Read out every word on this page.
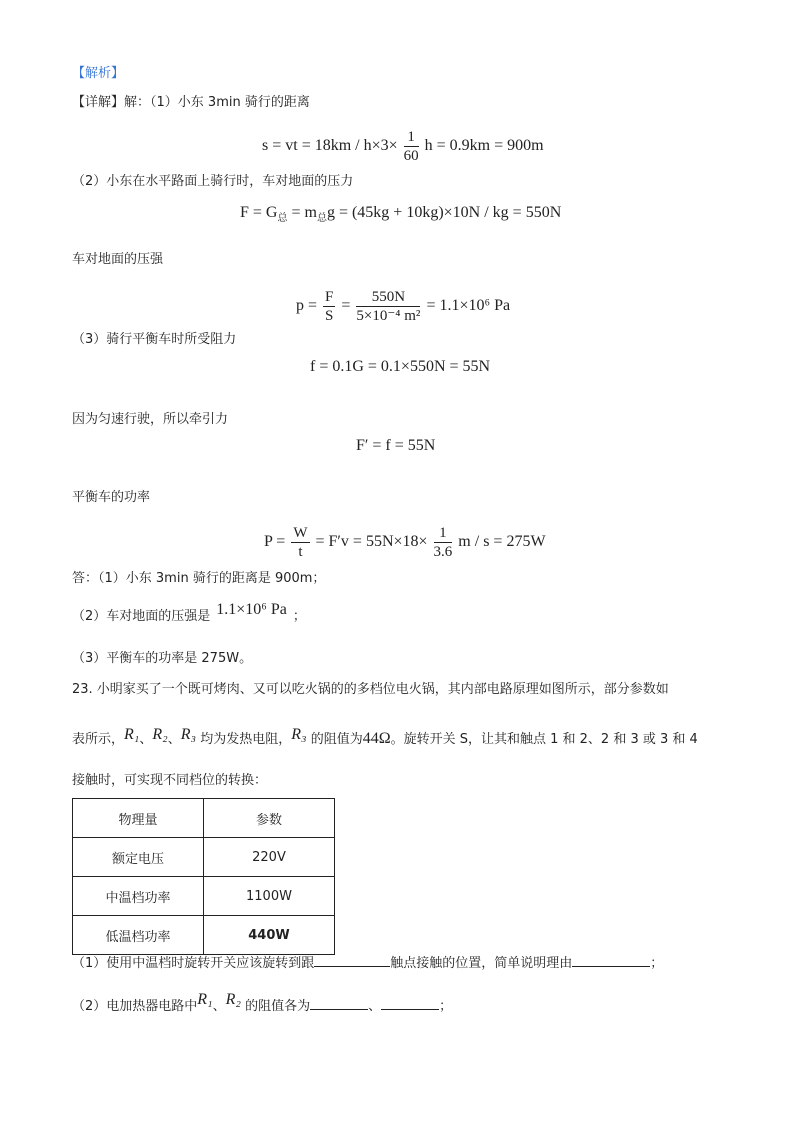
【解析】
【详解】解：（1）小东 3min 骑行的距离
s = vt = $18km / h\times 3\times \frac{1}{60}$ h = 0.9km = 900m
（2）小东在水平路面上骑行时，车对地面的压力
$F = G_总 = m_总g = (45kg + 10kg)\times 10N$ / kg = 550N
车对地面的压强
$p = \frac{F}{S} = \frac{550N}{\text{5×10⁻⁴ m²}} = 1.1\times 10^6$ Pa
（3）骑行平衡车时所受阻力
f = 0.1G = 0.1×550N = 55N
因为匀速行驶，所以牵引力
F′ = f = 55N
平衡车的功率
$P = \frac{W}{t} = F'v = 55N\times 18\times \frac{1}{3.6}$ m / s = 275W
答：（1）小东 3min 骑行的距离是 900m；
（2）车对地面的压强是 1.1×10⁶ Pa ；
（3）平衡车的功率是 275W。
23. 小明家买了一个既可烤肉、又可以吃火锅的的多档位电火锅，其内部电路原理如图所示，部分参数如
表所示，R₁、R₂、R₃ 均为发热电阻，R₃ 的阻值为44Ω。旋转开关 S，让其和触点 1 和 2、2 和 3 或 3 和 4
接触时，可实现不同档位的转换：
物理量	参数
额定电压	220V
中温档功率	1100W
低温档功率	440W
（1）使用中温档时旋转开关应该旋转到跟	触点接触的位置，简单说明理由	；
（2）电加热器电路中R₁、R₂ 的阻值各为	、	；
